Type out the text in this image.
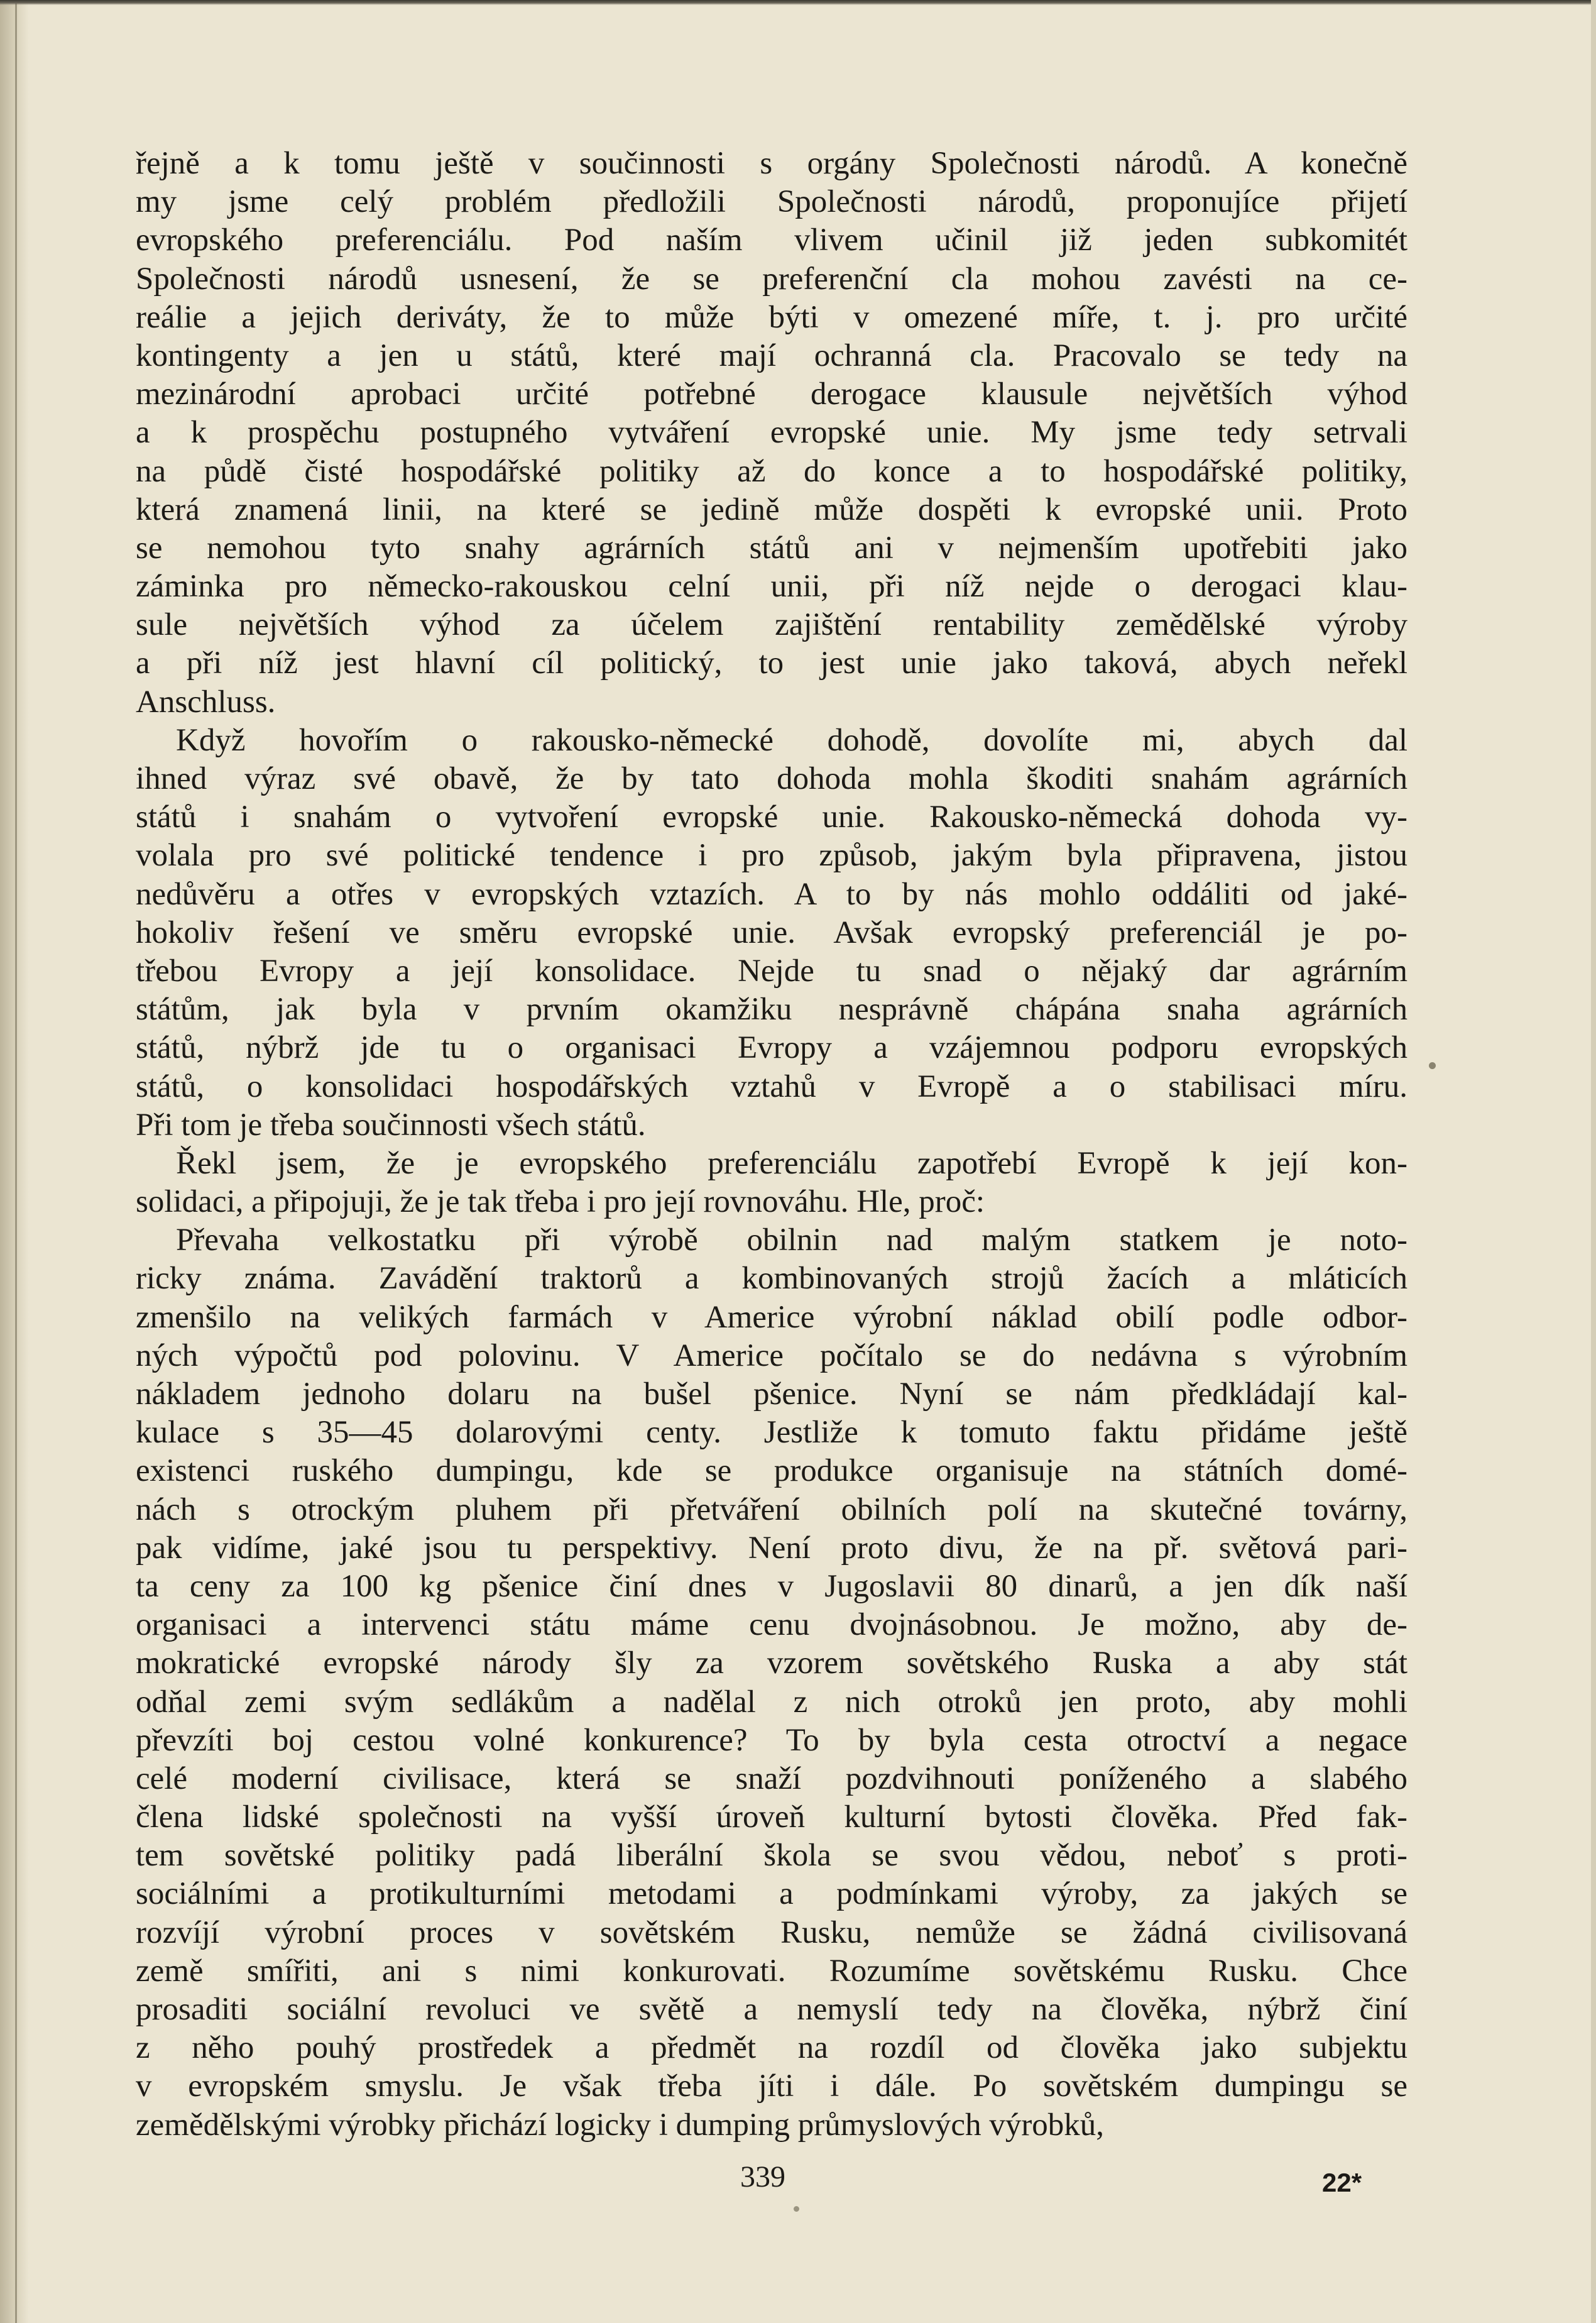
řejně a k tomu ještě v součinnosti s orgány Společnosti národů. A konečně
my jsme celý problém předložili Společnosti národů, proponujíce přijetí
evropského preferenciálu. Pod naším vlivem učinil již jeden subkomitét
Společnosti národů usnesení, že se preferenční cla mohou zavésti na ce-
reálie a jejich deriváty, že to může býti v omezené míře, t. j. pro určité
kontingenty a jen u států, které mají ochranná cla. Pracovalo se tedy na
mezinárodní aprobaci určité potřebné derogace klausule největších výhod
a k prospěchu postupného vytváření evropské unie. My jsme tedy setrvali
na půdě čisté hospodářské politiky až do konce a to hospodářské politiky,
která znamená linii, na které se jedině může dospěti k evropské unii. Proto
se nemohou tyto snahy agrárních států ani v nejmenším upotřebiti jako
záminka pro německo-rakouskou celní unii, při níž nejde o derogaci klau-
sule největších výhod za účelem zajištění rentability zemědělské výroby
a při níž jest hlavní cíl politický, to jest unie jako taková, abych neřekl
Anschluss.
Když hovořím o rakousko-německé dohodě, dovolíte mi, abych dal
ihned výraz své obavě, že by tato dohoda mohla škoditi snahám agrárních
států i snahám o vytvoření evropské unie. Rakousko-německá dohoda vy-
volala pro své politické tendence i pro způsob, jakým byla připravena, jistou
nedůvěru a otřes v evropských vztazích. A to by nás mohlo oddáliti od jaké-
hokoliv řešení ve směru evropské unie. Avšak evropský preferenciál je po-
třebou Evropy a její konsolidace. Nejde tu snad o nějaký dar agrárním
státům, jak byla v prvním okamžiku nesprávně chápána snaha agrárních
států, nýbrž jde tu o organisaci Evropy a vzájemnou podporu evropských
států, o konsolidaci hospodářských vztahů v Evropě a o stabilisaci míru.
Při tom je třeba součinnosti všech států.
Řekl jsem, že je evropského preferenciálu zapotřebí Evropě k její kon-
solidaci, a připojuji, že je tak třeba i pro její rovnováhu. Hle, proč:
Převaha velkostatku při výrobě obilnin nad malým statkem je noto-
ricky známa. Zavádění traktorů a kombinovaných strojů žacích a mláticích
zmenšilo na velikých farmách v Americe výrobní náklad obilí podle odbor-
ných výpočtů pod polovinu. V Americe počítalo se do nedávna s výrobním
nákladem jednoho dolaru na bušel pšenice. Nyní se nám předkládají kal-
kulace s 35—45 dolarovými centy. Jestliže k tomuto faktu přidáme ještě
existenci ruského dumpingu, kde se produkce organisuje na státních domé-
nách s otrockým pluhem při přetváření obilních polí na skutečné továrny,
pak vidíme, jaké jsou tu perspektivy. Není proto divu, že na př. světová pari-
ta ceny za 100 kg pšenice činí dnes v Jugoslavii 80 dinarů, a jen dík naší
organisaci a intervenci státu máme cenu dvojnásobnou. Je možno, aby de-
mokratické evropské národy šly za vzorem sovětského Ruska a aby stát
odňal zemi svým sedlákům a nadělal z nich otroků jen proto, aby mohli
převzíti boj cestou volné konkurence? To by byla cesta otroctví a negace
celé moderní civilisace, která se snaží pozdvihnouti poníženého a slabého
člena lidské společnosti na vyšší úroveň kulturní bytosti člověka. Před fak-
tem sovětské politiky padá liberální škola se svou vědou, neboť s proti-
sociálními a protikulturními metodami a podmínkami výroby, za jakých se
rozvíjí výrobní proces v sovětském Rusku, nemůže se žádná civilisovaná
země smířiti, ani s nimi konkurovati. Rozumíme sovětskému Rusku. Chce
prosaditi sociální revoluci ve světě a nemyslí tedy na člověka, nýbrž činí
z něho pouhý prostředek a předmět na rozdíl od člověka jako subjektu
v evropském smyslu. Je však třeba jíti i dále. Po sovětském dumpingu se
zemědělskými výrobky přichází logicky i dumping průmyslových výrobků,
339	22*
